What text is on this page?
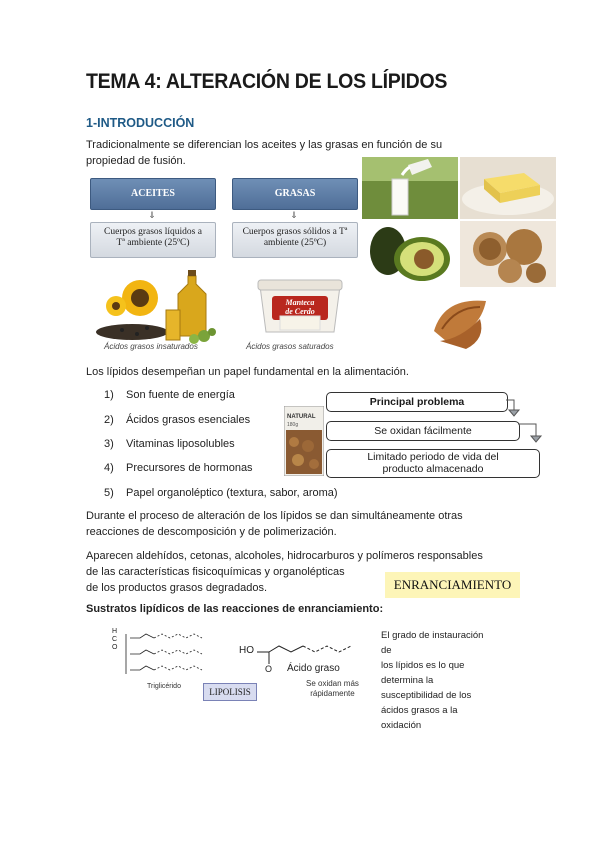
TEMA 4: ALTERACIÓN DE LOS LÍPIDOS
1-INTRODUCCIÓN
Tradicionalmente se diferencian los aceites y las grasas en función de su
propiedad de fusión.
ACEITES
⇓
Cuerpos grasos líquidos a
Tª ambiente (25ºC)
GRASAS
⇓
Cuerpos grasos sólidos a Tª
ambiente (25ºC)
Ácidos grasos insaturados
Manteca
de Cerdo
Ácidos grasos saturados
Los lípidos desempeñan un papel fundamental en la alimentación.
1) Son fuente de energía
2) Ácidos grasos esenciales
3) Vitaminas liposolubles
4) Precursores de hormonas
5) Papel organoléptico (textura, sabor, aroma)
NATURAL
180g
Principal problema
Se oxidan fácilmente
Limitado periodo de vida del
producto almacenado
Durante el proceso de alteración de los lípidos se dan simultáneamente otras
reacciones de descomposición y de polimerización.
Aparecen aldehídos, cetonas, alcoholes, hidrocarburos y polímeros responsables
de las características fisicoquímicas y organolépticas
de los productos grasos degradados.	ENRANCIAMIENTO
Sustratos lipídicos de las reacciones de enranciamiento:
H
C
O
Triglicérido
LIPOLISIS
HO
O Ácido graso
Se oxidan más
rápidamente
El grado de instauración de
los lípidos es lo que
determina la
susceptibilidad de los
ácidos grasos a la oxidación
